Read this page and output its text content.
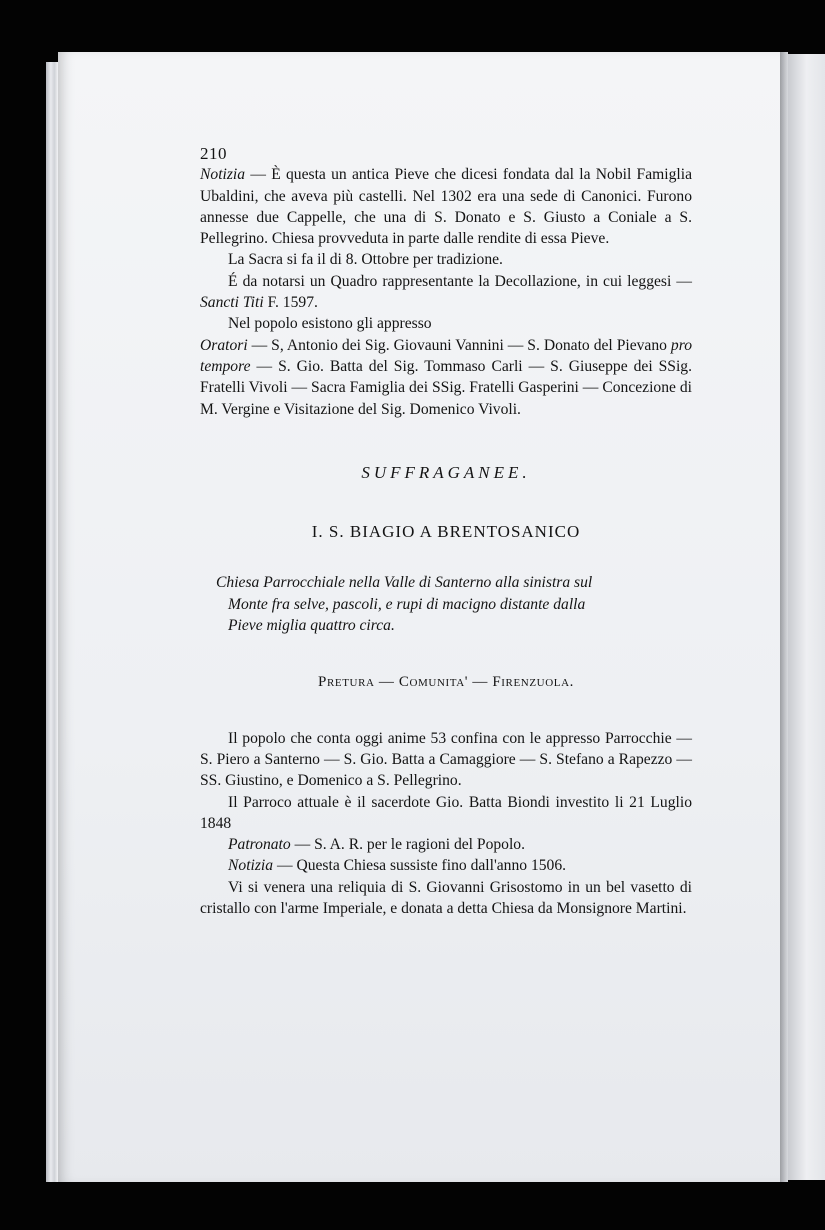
210

Notizia — È questa un antica Pieve che dicesi fondata dal la Nobil Famiglia Ubaldini, che aveva più castelli. Nel 1302 era una sede di Canonici. Furono annesse due Cappelle, che una di S. Donato e S. Giusto a Coniale a S. Pellegrino. Chiesa provveduta in parte dalle rendite di essa Pieve.

La Sacra si fa il di 8. Ottobre per tradizione.

É da notarsi un Quadro rappresentante la Decollazione, in cui leggesi — Sancti Titi F. 1597.

Nel popolo esistono gli appresso

Oratori — S, Antonio dei Sig. Giovauni Vannini — S. Donato del Pievano pro tempore — S. Gio. Batta del Sig. Tommaso Carli — S. Giuseppe dei SSig. Fratelli Vivoli — Sacra Famiglia dei SSig. Fratelli Gasperini — Concezione di M. Vergine e Visitazione del Sig. Domenico Vivoli.

SUFFRAGANEE.
I. S. BIAGIO A BRENTOSANICO
Chiesa Parrocchiale nella Valle di Santerno alla sinistra sul
Monte fra selve, pascoli, e rupi di macigno distante dalla
Pieve miglia quattro circa.
Pretura — Comunita' — Firenzuola.

Il popolo che conta oggi anime 53 confina con le appresso Parrocchie — S. Piero a Santerno — S. Gio. Batta a Camaggiore — S. Stefano a Rapezzo — SS. Giustino, e Domenico a S. Pellegrino.

Il Parroco attuale è il sacerdote Gio. Batta Biondi investito li 21 Luglio 1848

Patronato — S. A. R. per le ragioni del Popolo.

Notizia — Questa Chiesa sussiste fino dall'anno 1506.

Vi si venera una reliquia di S. Giovanni Grisostomo in un bel vasetto di cristallo con l'arme Imperiale, e donata a detta Chiesa da Monsignore Martini.
